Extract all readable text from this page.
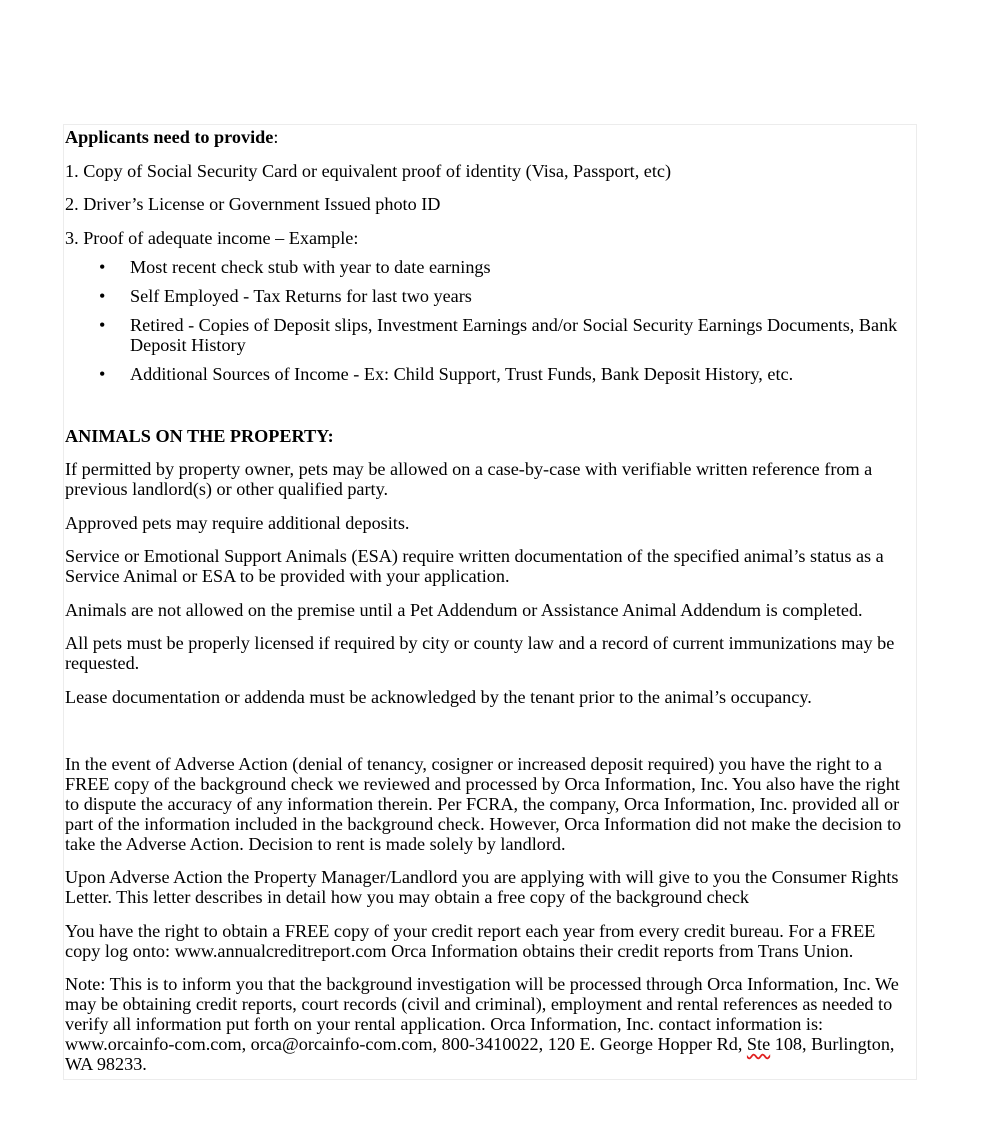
Applicants need to provide:

1. Copy of Social Security Card or equivalent proof of identity (Visa, Passport, etc)

2. Driver’s License or Government Issued photo ID

3. Proof of adequate income – Example:

• Most recent check stub with year to date earnings
• Self Employed - Tax Returns for last two years
• Retired - Copies of Deposit slips, Investment Earnings and/or Social Security Earnings Documents, Bank Deposit History
• Additional Sources of Income - Ex: Child Support, Trust Funds, Bank Deposit History, etc.

ANIMALS ON THE PROPERTY:

If permitted by property owner, pets may be allowed on a case-by-case with verifiable written reference from a previous landlord(s) or other qualified party.

Approved pets may require additional deposits.

Service or Emotional Support Animals (ESA) require written documentation of the specified animal’s status as a Service Animal or ESA to be provided with your application.

Animals are not allowed on the premise until a Pet Addendum or Assistance Animal Addendum is completed.

All pets must be properly licensed if required by city or county law and a record of current immunizations may be requested.

Lease documentation or addenda must be acknowledged by the tenant prior to the animal’s occupancy.

In the event of Adverse Action (denial of tenancy, cosigner or increased deposit required) you have the right to a FREE copy of the background check we reviewed and processed by Orca Information, Inc. You also have the right to dispute the accuracy of any information therein. Per FCRA, the company, Orca Information, Inc. provided all or part of the information included in the background check. However, Orca Information did not make the decision to take the Adverse Action. Decision to rent is made solely by landlord.

Upon Adverse Action the Property Manager/Landlord you are applying with will give to you the Consumer Rights Letter. This letter describes in detail how you may obtain a free copy of the background check

You have the right to obtain a FREE copy of your credit report each year from every credit bureau. For a FREE copy log onto: www.annualcreditreport.com Orca Information obtains their credit reports from Trans Union.

Note: This is to inform you that the background investigation will be processed through Orca Information, Inc. We may be obtaining credit reports, court records (civil and criminal), employment and rental references as needed to verify all information put forth on your rental application. Orca Information, Inc. contact information is: www.orcainfo-com.com, orca@orcainfo-com.com, 800-3410022, 120 E. George Hopper Rd, Ste 108, Burlington, WA 98233.
